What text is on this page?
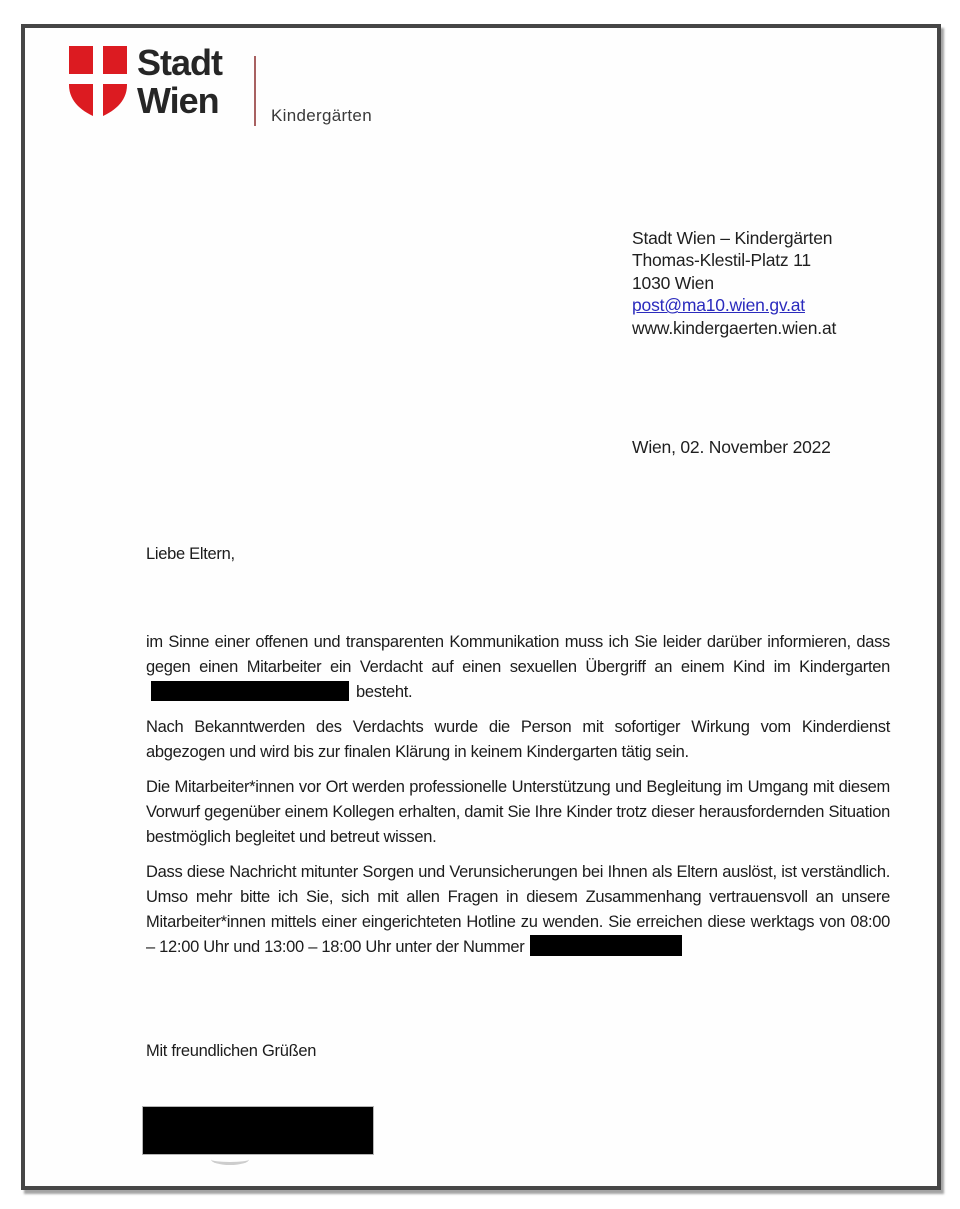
Stadt
Wien	Kindergärten
Stadt Wien – Kindergärten
Thomas-Klestil-Platz 11
1030 Wien
post@ma10.wien.gv.at
www.kindergaerten.wien.at
Wien, 02. November 2022

Liebe Eltern,

im Sinne einer offenen und transparenten Kommunikation muss ich Sie leider darüber informieren, dass gegen einen Mitarbeiter ein Verdacht auf einen sexuellen Übergriff an einem Kind im Kindergartenbesteht.

Nach Bekanntwerden des Verdachts wurde die Person mit sofortiger Wirkung vom Kinderdienst abgezogen und wird bis zur finalen Klärung in keinem Kindergarten tätig sein.

Die Mitarbeiter*innen vor Ort werden professionelle Unterstützung und Begleitung im Umgang mit diesem Vorwurf gegenüber einem Kollegen erhalten, damit Sie Ihre Kinder trotz dieser herausfordernden Situation bestmöglich begleitet und betreut wissen.

Dass diese Nachricht mitunter Sorgen und Verunsicherungen bei Ihnen als Eltern auslöst, ist verständlich. Umso mehr bitte ich Sie, sich mit allen Fragen in diesem Zusammenhang vertrauensvoll an unsere Mitarbeiter*innen mittels einer eingerichteten Hotline zu wenden. Sie erreichen diese werktags von 08:00 – 12:00 Uhr und 13:00 – 18:00 Uhr unter der Nummer

Mit freundlichen Grüßen
